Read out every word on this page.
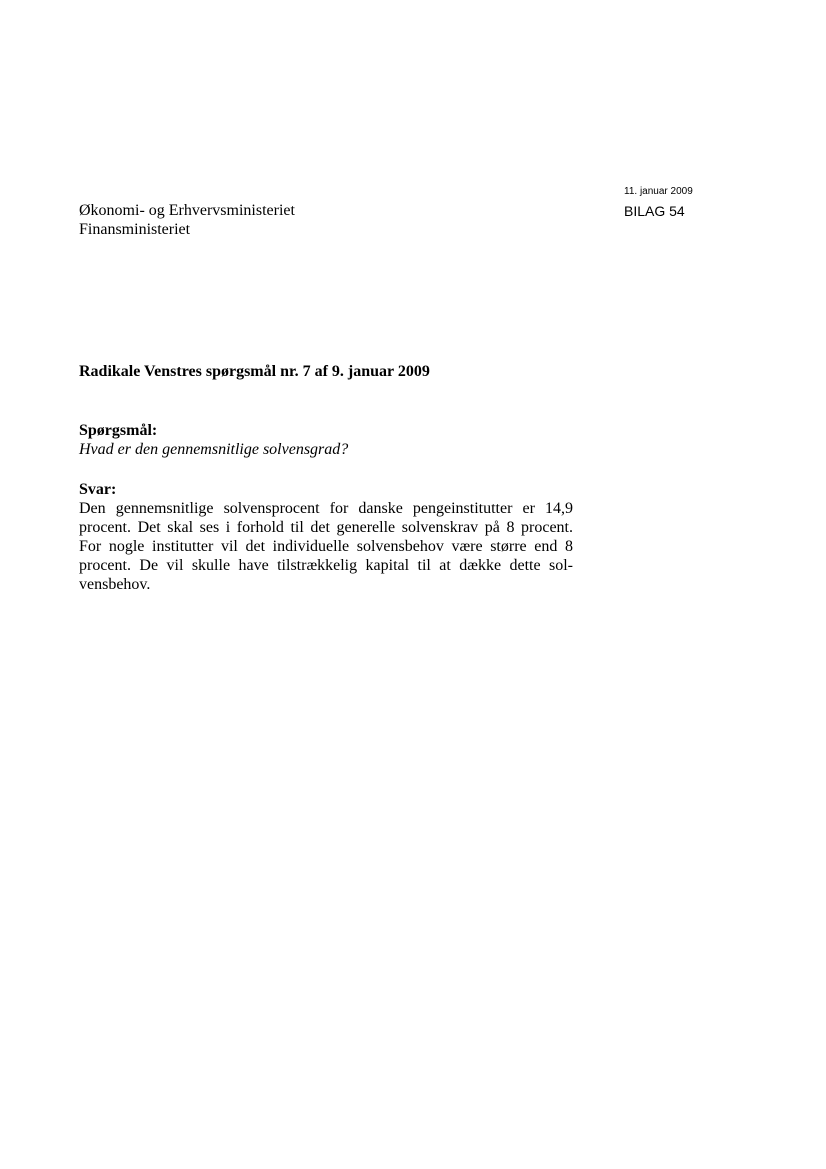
11. januar 2009
BILAG 54
Økonomi- og Erhvervsministeriet
Finansministeriet
Radikale Venstres spørgsmål nr. 7 af 9. januar 2009
Spørgsmål:
Hvad er den gennemsnitlige solvensgrad?
Svar:
Den gennemsnitlige solvensprocent for danske pengeinstitutter er 14,9
procent. Det skal ses i forhold til det generelle solvenskrav på 8 procent.
For nogle institutter vil det individuelle solvensbehov være større end 8
procent. De vil skulle have tilstrækkelig kapital til at dække dette sol-
vensbehov.
